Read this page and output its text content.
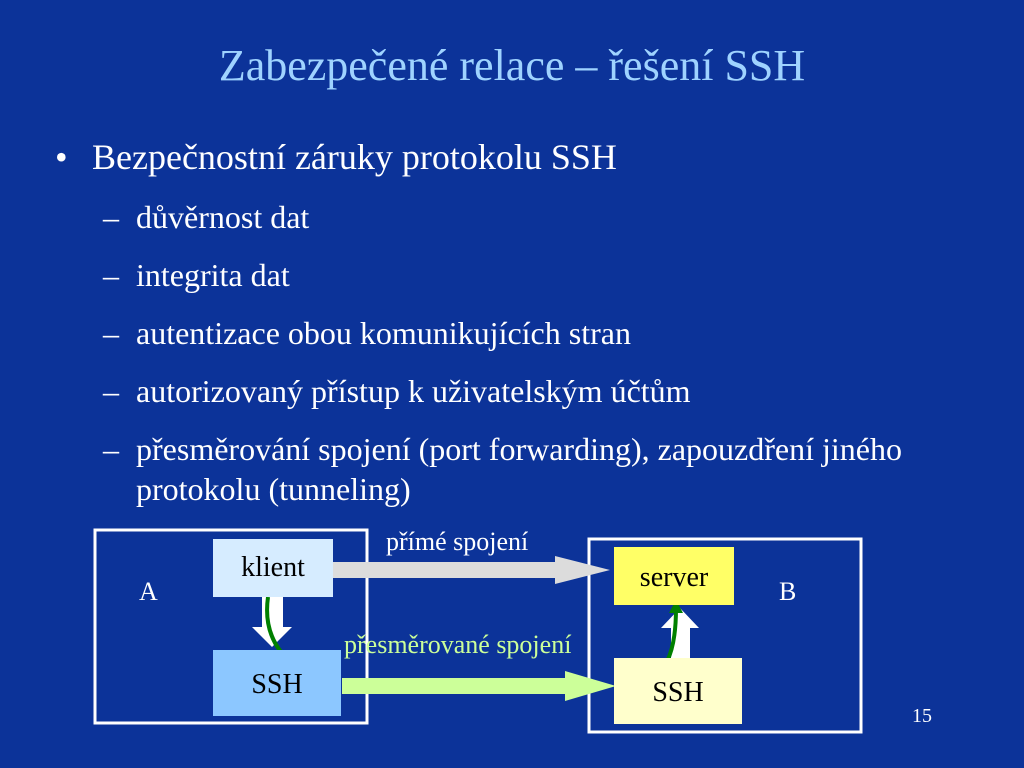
Zabezpečené relace – řešení SSH
• Bezpečnostní záruky protokolu SSH
– důvěrnost dat
– integrita dat
– autentizace obou komunikujících stran
– autorizovaný přístup k uživatelským účtům
– přesměrování spojení (port forwarding), zapouzdření jiného protokolu (tunneling)
klient
SSH
server
SSH
A	B
přímé spojení
přesměrované spojení
15
